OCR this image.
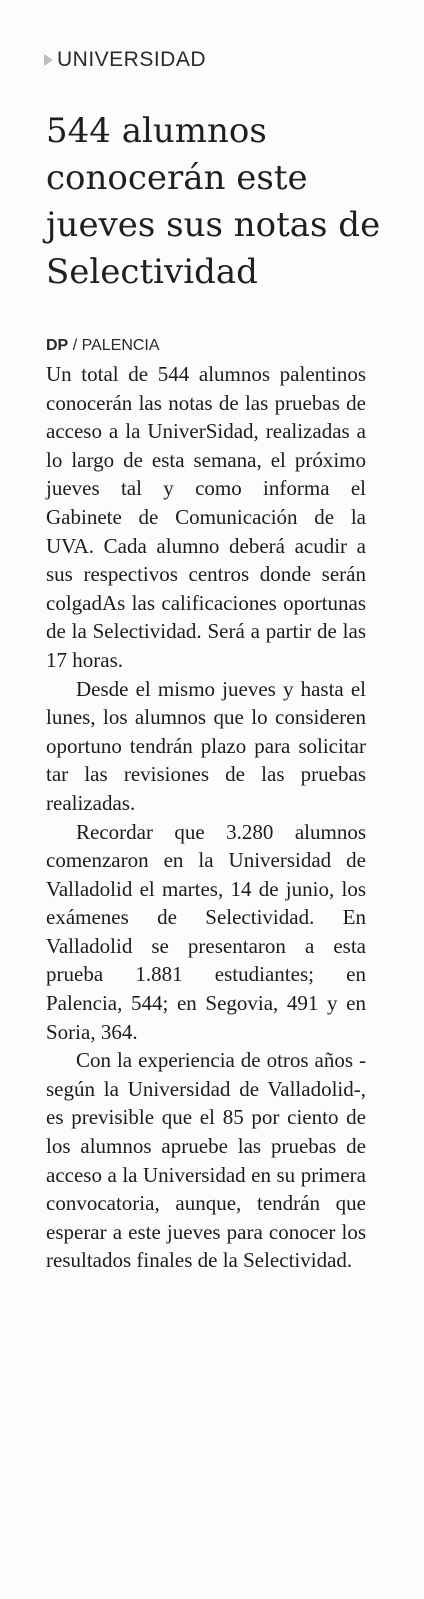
UNIVERSIDAD
544 alumnos conocerán este jueves sus notas de Selectividad
DP / PALENCIA

Un total de 544 alumnos palentinos conocerán las notas de las pruebas de acceso a la UniverSidad, realizadas a lo largo de esta semana, el próximo jueves tal y como informa el Gabinete de Comunicación de la UVA. Cada alumno deberá acudir a sus respectivos centros donde serán colgadAs las calificaciones oportunas de la Selectividad. Será a partir de las 17 horas.

Desde el mismo jueves y hasta el lunes, los alumnos que lo consideren oportuno tendrán plazo para solicitar tar las revisiones de las pruebas realizadas.

Recordar que 3.280 alumnos comenzaron en la Universidad de Valladolid el martes, 14 de junio, los exámenes de Selectividad. En Valladolid se presentaron a esta prueba 1.881 estudiantes; en Palencia, 544; en Segovia, 491 y en Soria, 364.

Con la experiencia de otros años -según la Universidad de Valladolid-, es previsible que el 85 por ciento de los alumnos apruebe las pruebas de acceso a la Universidad en su primera convocatoria, aunque, tendrán que esperar a este jueves para conocer los resultados finales de la Selectividad.
